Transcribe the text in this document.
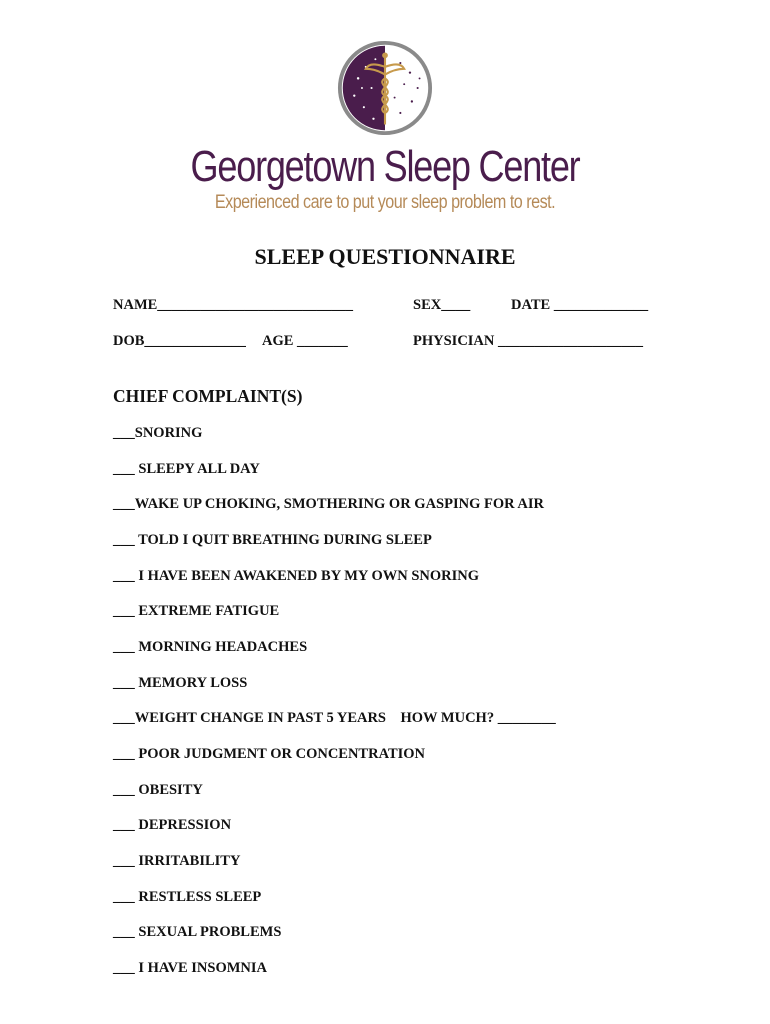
Georgetown Sleep Center
Experienced care to put your sleep problem to rest.
SLEEP QUESTIONNAIRE
NAME___________________________	SEX____	DATE _____________
DOB______________ AGE _______	PHYSICIAN ____________________
CHIEF COMPLAINT(S)
___SNORING
___ SLEEPY ALL DAY
___WAKE UP CHOKING, SMOTHERING OR GASPING FOR AIR
___ TOLD I QUIT BREATHING DURING SLEEP
___ I HAVE BEEN AWAKENED BY MY OWN SNORING
___ EXTREME FATIGUE
___ MORNING HEADACHES
___ MEMORY LOSS
___WEIGHT CHANGE IN PAST 5 YEARS    HOW MUCH? ________
___ POOR JUDGMENT OR CONCENTRATION
___ OBESITY
___ DEPRESSION
___ IRRITABILITY
___ RESTLESS SLEEP
___ SEXUAL PROBLEMS
___ I HAVE INSOMNIA
